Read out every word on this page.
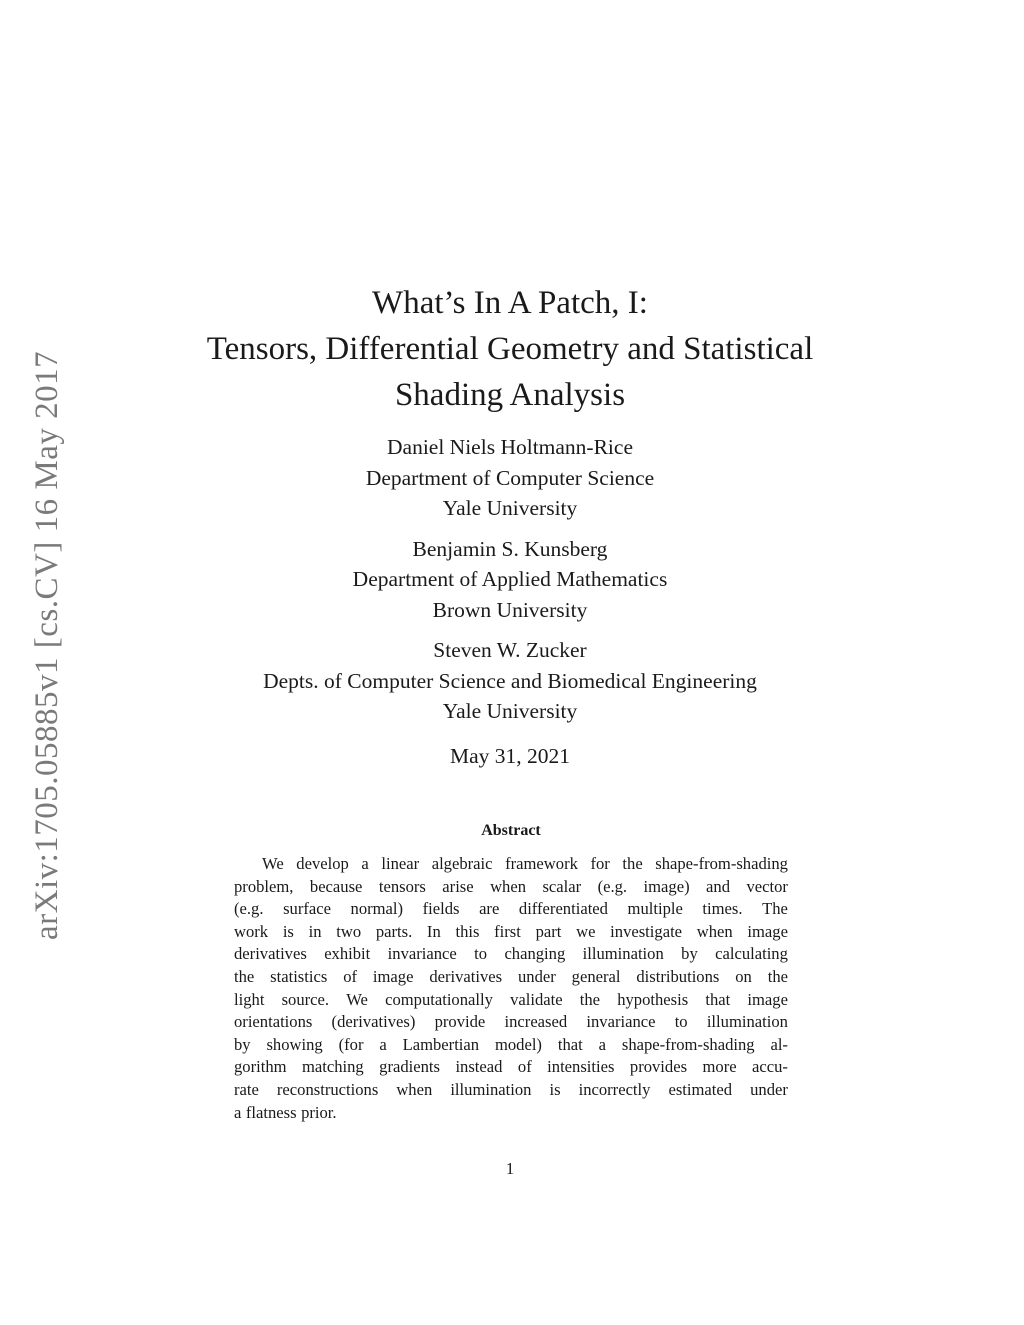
arXiv:1705.05885v1 [cs.CV] 16 May 2017
What’s In A Patch, I:
Tensors, Differential Geometry and Statistical
Shading Analysis
Daniel Niels Holtmann-Rice
Department of Computer Science
Yale University
Benjamin S. Kunsberg
Department of Applied Mathematics
Brown University
Steven W. Zucker
Depts. of Computer Science and Biomedical Engineering
Yale University
May 31, 2021
Abstract
We develop a linear algebraic framework for the shape-from-shading
problem, because tensors arise when scalar (e.g. image) and vector
(e.g. surface normal) fields are differentiated multiple times. The
work is in two parts. In this first part we investigate when image
derivatives exhibit invariance to changing illumination by calculating
the statistics of image derivatives under general distributions on the
light source. We computationally validate the hypothesis that image
orientations (derivatives) provide increased invariance to illumination
by showing (for a Lambertian model) that a shape-from-shading al-
gorithm matching gradients instead of intensities provides more accu-
rate reconstructions when illumination is incorrectly estimated under
a flatness prior.
1
